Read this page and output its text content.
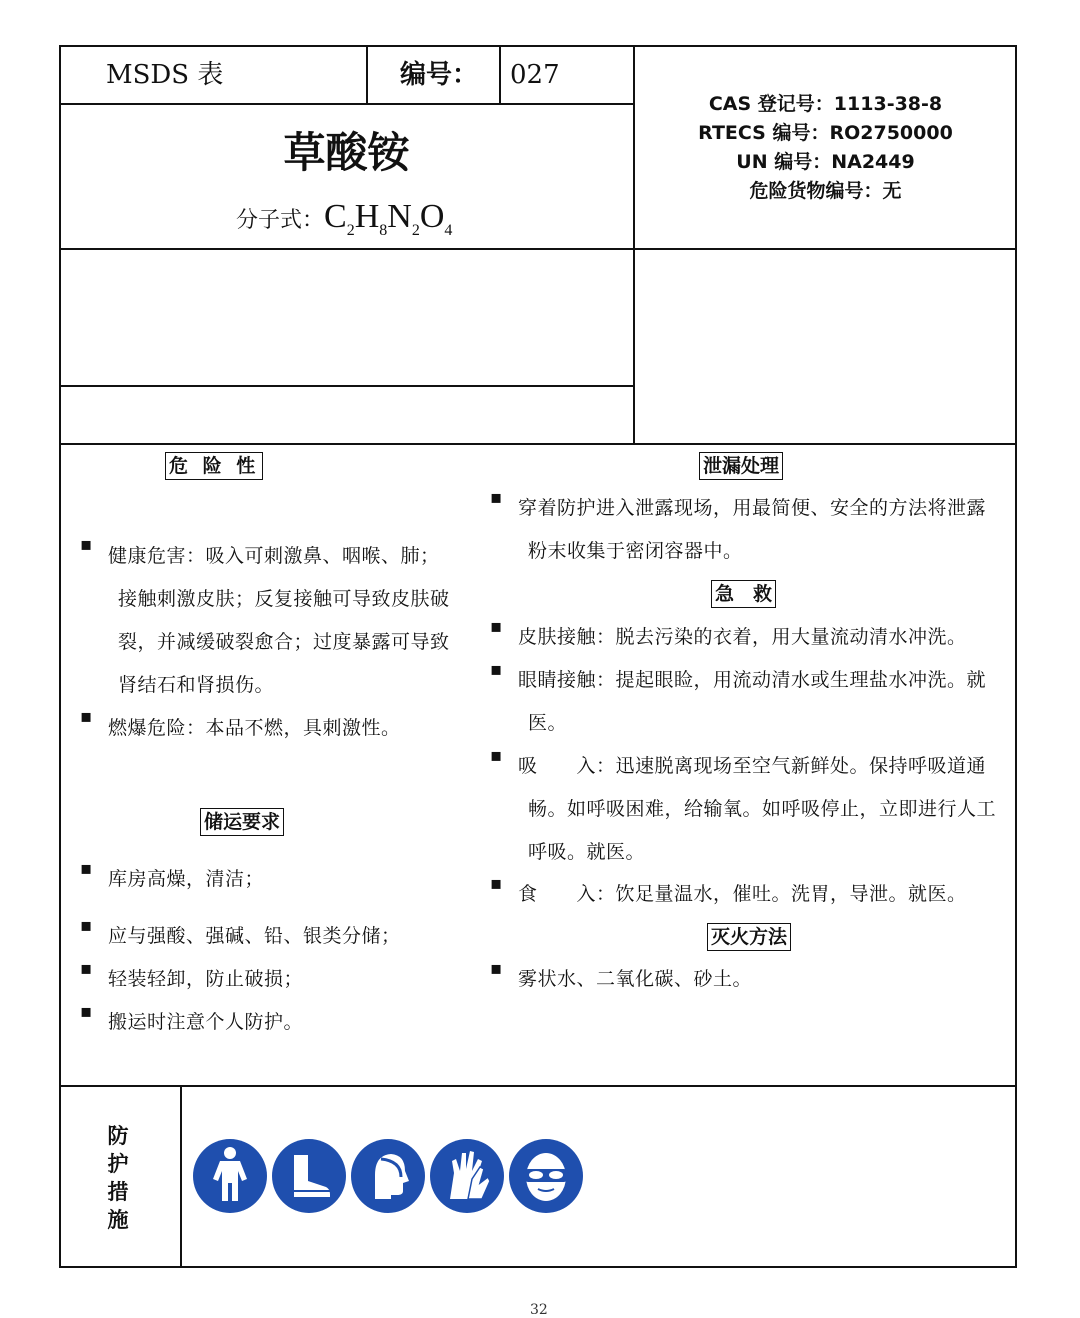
MSDS 表	编号： 027
草酸铵
分子式：$C_2H_8N_2O_4$
CAS 登记号：1113-38-8
RTECS 编号：RO2750000
UN 编号：NA2449
危险货物编号：无
危 险 性
▪
健康危害：吸入可刺激鼻、咽喉、肺；
接触刺激皮肤；反复接触可导致皮肤破
裂，并减缓破裂愈合；过度暴露可导致
肾结石和肾损伤。
▪
燃爆危险：本品不燃，具刺激性。
储运要求
▪ 库房高燥，清洁；
▪ 应与强酸、强碱、铅、银类分储；
▪ 轻装轻卸，防止破损；
▪ 搬运时注意个人防护。
泄漏处理
▪ 穿着防护进入泄露现场，用最简便、安全的方法将泄露
粉末收集于密闭容器中。
急　救
▪ 皮肤接触：脱去污染的衣着，用大量流动清水冲洗。
▪ 眼睛接触：提起眼睑，用流动清水或生理盐水冲洗。就
医。
▪ 吸　　入：迅速脱离现场至空气新鲜处。保持呼吸道通
畅。如呼吸困难，给输氧。如呼吸停止，立即进行人工
呼吸。就医。
▪ 食　　入：饮足量温水，催吐。洗胃，导泄。就医。
灭火方法
▪ 雾状水、二氧化碳、砂土。
防
护
措
施
32
